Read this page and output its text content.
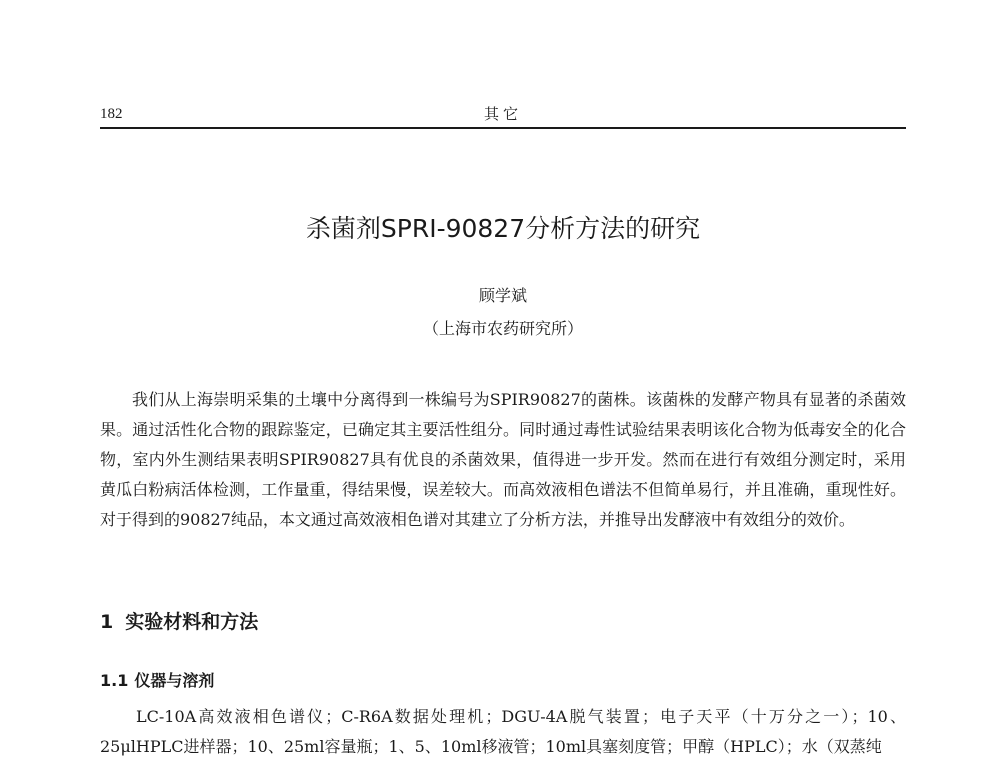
182	其它
杀菌剂SPRI-90827分析方法的研究
顾学斌
（上海市农药研究所）

我们从上海崇明采集的土壤中分离得到一株编号为SPIR90827的菌株。该菌株的发酵产物具有显著的杀菌效果。通过活性化合物的跟踪鉴定，已确定其主要活性组分。同时通过毒性试验结果表明该化合物为低毒安全的化合物，室内外生测结果表明SPIR90827具有优良的杀菌效果，值得进一步开发。然而在进行有效组分测定时，采用黄瓜白粉病活体检测，工作量重，得结果慢，误差较大。而高效液相色谱法不但简单易行，并且准确，重现性好。对于得到的90827纯品，本文通过高效液相色谱对其建立了分析方法，并推导出发酵液中有效组分的效价。

1 实验材料和方法
1.1 仪器与溶剂

LC-10A高效液相色谱仪；C-R6A数据处理机；DGU-4A脱气装置；电子天平（十万分之一）；10、25μlHPLC进样器；10、25ml容量瓶；1、5、10ml移液管；10ml具塞刻度管；甲醇（HPLC）；水（双蒸纯
